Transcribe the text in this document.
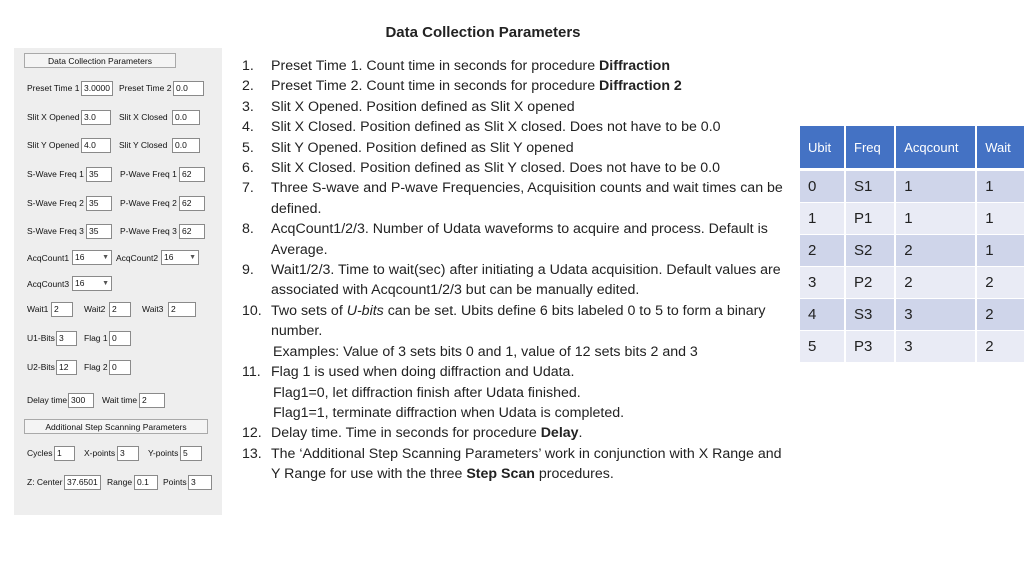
Data Collection Parameters
Data Collection Parameters
Preset Time 1 3.0000	Preset Time 2 0.0
Slit X Opened 3.0	Slit X Closed 0.0
Slit Y Opened 4.0	Slit Y Closed 0.0
S-Wave Freq 1 35	P-Wave Freq 1 62
S-Wave Freq 2 35	P-Wave Freq 2 62
S-Wave Freq 3 35	P-Wave Freq 3 62
AcqCount1 16	▼ AcqCount2 16 ▼
AcqCount3 16	▼
Wait1 2	Wait2 2	Wait3 2
U1-Bits 3	Flag 1 0
U2-Bits 12	Flag 2 0
Delay time 300	Wait time 2
Additional Step Scanning Parameters
Cycles 1	X-points 3	Y-points 5
Z: Center 37.6501	Range 0.1	Points 3
1. Preset Time 1. Count time in seconds for procedure Diffraction
2. Preset Time 2. Count time in seconds for procedure Diffraction 2
3. Slit X Opened. Position defined as Slit X opened
4. Slit X Closed. Position defined as Slit X closed. Does not have to be 0.0
5. Slit Y Opened. Position defined as Slit Y opened
6. Slit X Closed. Position defined as Slit Y closed. Does not have to be 0.0
7. Three S-wave and P-wave Frequencies, Acquisition counts and wait times can be defined.
8. AcqCount1/2/3. Number of Udata waveforms to acquire and process. Default is Average.
9. Wait1/2/3. Time to wait(sec) after initiating a Udata acquisition. Default values are associated with Acqcount1/2/3 but can be manually edited.
10. Two sets of U-bits can be set. Ubits define 6 bits labeled 0 to 5 to form a binary number.
Examples: Value of 3 sets bits 0 and 1, value of 12 sets bits 2 and 3
11. Flag 1 is used when doing diffraction and Udata.
Flag1=0, let diffraction finish after Udata finished.
Flag1=1, terminate diffraction when Udata is completed.
12. Delay time. Time in seconds for procedure Delay.
13. The ‘Additional Step Scanning Parameters’ work in conjunction with X Range and Y Range for use with the three Step Scan procedures.
Ubit	Freq	Acqcount	Wait
0	S1	1	1
1	P1	1	1
2	S2	2	1
3	P2	2	2
4	S3	3	2
5	P3	3	2
